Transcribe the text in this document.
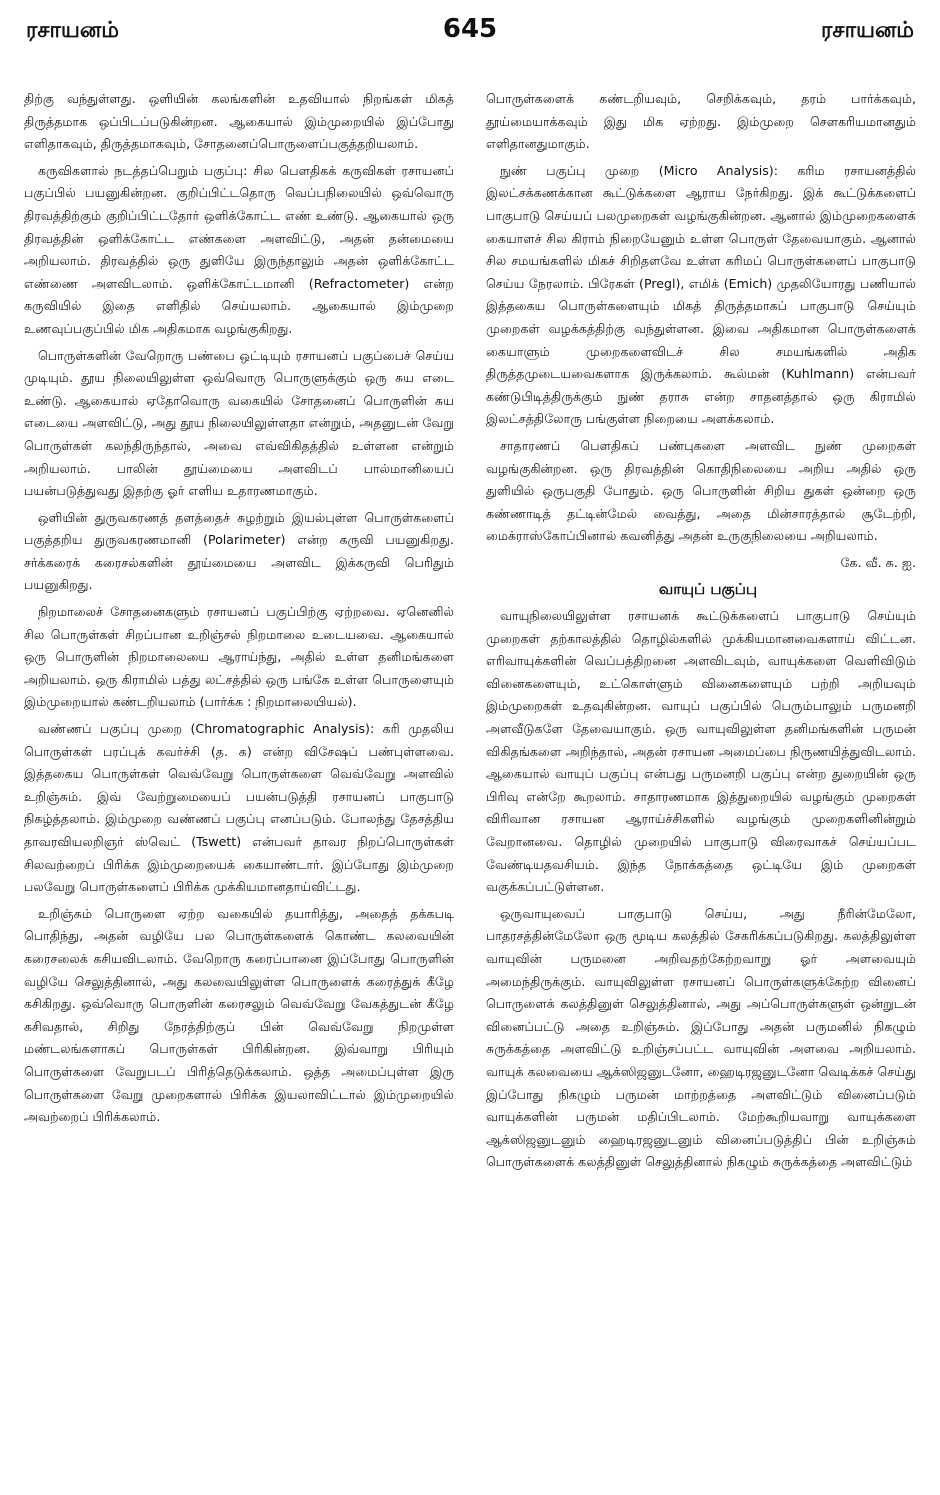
ரசாயனம்	645	ரசாயனம்

திற்கு வந்துள்ளது. ஒளியின் கலங்களின் உதவியால் நிறங்கள் மிகத் திருத்தமாக ஒப்பிடப்படுகின்றன. ஆகையால் இம்முறையில் இப்போது எளிதாகவும், திருத்தமாகவும், சோதனைப்பொருளைப்பகுத்தறியலாம்.

கருவிகளால் நடத்தப்பெறும் பகுப்பு: சில பௌதிகக் கருவிகள் ரசாயனப் பகுப்பில் பயனுகின்றன. குறிப்பிட்டதொரு வெப்பநிலையில் ஒவ்வொரு திரவத்திற்கும் குறிப்பிட்டதோர் ஒளிக்கோட்ட எண் உண்டு. ஆகையால் ஒரு திரவத்தின் ஒளிக்கோட்ட எண்களை அளவிட்டு, அதன் தன்மையை அறியலாம். திரவத்தில் ஒரு துளியே இருந்தாலும் அதன் ஒளிக்கோட்ட எண்ணை அளவிடலாம். ஒளிக்கோட்டமானி (Refractometer) என்ற கருவியில் இதை எளிதில் செய்யலாம். ஆகையால் இம்முறை உணவுப்பகுப்பில் மிக அதிகமாக வழங்குகிறது.

பொருள்களின் வேறொரு பண்பை ஒட்டியும் ரசாயனப் பகுப்பைச் செய்ய முடியும். தூய நிலையிலுள்ள ஒவ்வொரு பொருளுக்கும் ஒரு சுய எடை உண்டு. ஆகையால் ஏதோவொரு வகையில் சோதனைப் பொருளின் சுய எடையை அளவிட்டு, அது தூய நிலையிலுள்ளதா என்றும், அதனுடன் வேறு பொருள்கள் கலந்திருந்தால், அவை எவ்விகிதத்தில் உள்ளன என்றும் அறியலாம். பாலின் தூய்மையை அளவிடப் பால்மானியைப் பயன்படுத்துவது இதற்கு ஓர் எளிய உதாரணமாகும்.

ஒளியின் துருவகரணத் தளத்தைச் சுழற்றும் இயல்புள்ள பொருள்களைப் பகுத்தறிய துருவகரணமானி (Polarimeter) என்ற கருவி பயனுகிறது. சர்க்கரைக் கரைசல்களின் தூய்மையை அளவிட இக்கருவி பெரிதும் பயனுகிறது.

நிறமாலைச் சோதனைகளும் ரசாயனப் பகுப்பிற்கு ஏற்றவை. ஏனெனில் சில பொருள்கள் சிறப்பான உறிஞ்சல் நிறமாலை உடையவை. ஆகையால் ஒரு பொருளின் நிறமாலையை ஆராய்ந்து, அதில் உள்ள தனிமங்களை அறியலாம். ஒரு கிராமில் பத்து லட்சத்தில் ஒரு பங்கே உள்ள பொருளையும் இம்முறையால் கண்டறியலாம் (பார்க்க : நிறமாலையியல்).

வண்ணப் பகுப்பு முறை (Chromatographic Analysis): கரி முதலிய பொருள்கள் பரப்புக் கவர்ச்சி (த. க) என்ற விசேஷப் பண்புள்ளவை. இத்தகைய பொருள்கள் வெவ்வேறு பொருள்களை வெவ்வேறு அளவில் உறிஞ்சும். இவ் வேற்றுமையைப் பயன்படுத்தி ரசாயனப் பாகுபாடு நிகழ்த்தலாம். இம்முறை வண்ணப் பகுப்பு எனப்படும். போலந்து தேசத்திய தாவரவியலறிஞர் ஸ்வெட் (Tswett) என்பவர் தாவர நிறப்பொருள்கள் சிலவற்றைப் பிரிக்க இம்முறையைக் கையாண்டார். இப்போது இம்முறை பலவேறு பொருள்களைப் பிரிக்க முக்கியமானதாய்விட்டது.

உறிஞ்சும் பொருளை ஏற்ற வகையில் தயாரித்து, அதைத் தக்கபடி பொதிந்து, அதன் வழியே பல பொருள்களைக் கொண்ட கலவையின் கரைசலைக் கசியவிடலாம். வேறொரு கரைப்பானை இப்போது பொருளின் வழியே செலுத்தினால், அது கலவையிலுள்ள பொருளைக் கரைத்துக் கீழே கசிகிறது. ஒவ்வொரு பொருளின் கரைசலும் வெவ்வேறு வேகத்துடன் கீழே கசிவதால், சிறிது நேரத்திற்குப் பின் வெவ்வேறு நிறமுள்ள மண்டலங்களாகப் பொருள்கள் பிரிகின்றன. இவ்வாறு பிரியும் பொருள்களை வேறுபடப் பிரித்தெடுக்கலாம். ஒத்த அமைப்புள்ள இரு பொருள்களை வேறு முறைகளால் பிரிக்க இயலாவிட்டால் இம்முறையில் அவற்றைப் பிரிக்கலாம்.

பொருள்களைக் கண்டறியவும், செறிக்கவும், தரம் பார்க்கவும், தூய்மையாக்கவும் இது மிக ஏற்றது. இம்முறை சௌகரியமானதும் எளிதானதுமாகும்.

நுண் பகுப்பு முறை (Micro Analysis): கரிம ரசாயனத்தில் இலட்சக்கணக்கான கூட்டுக்களை ஆராய நேர்கிறது. இக் கூட்டுக்களைப் பாகுபாடு செய்யப் பலமுறைகள் வழங்குகின்றன. ஆனால் இம்முறைகளைக் கையாளச் சில கிராம் நிறையேனும் உள்ள பொருள் தேவையாகும். ஆனால் சில சமயங்களில் மிகச் சிறிதளவே உள்ள கரிமப் பொருள்களைப் பாகுபாடு செய்ய நேரலாம். பிரேகள் (Pregl), எமிக் (Emich) முதலியோரது பணியால் இத்தகைய பொருள்களையும் மிகத் திருத்தமாகப் பாகுபாடு செய்யும் முறைகள் வழக்கத்திற்கு வந்துள்ளன. இவை அதிகமான பொருள்களைக் கையாளும் முறைகளைவிடச் சில சமயங்களில் அதிக திருத்தமுடையவைகளாக இருக்கலாம். கூல்மன் (Kuhlmann) என்பவர் கண்டுபிடித்திருக்கும் நுண் தராசு என்ற சாதனத்தால் ஒரு கிராமில் இலட்சத்திலோரு பங்குள்ள நிறையை அளக்கலாம்.

சாதாரணப் பௌதிகப் பண்புகளை அளவிட நுண் முறைகள் வழங்குகின்றன. ஒரு திரவத்தின் கொதிநிலையை அறிய அதில் ஒரு துளியில் ஒருபகுதி போதும். ஒரு பொருளின் சிறிய துகள் ஒன்றை ஒரு கண்ணாடித் தட்டின்மேல் வைத்து, அதை மின்சாரத்தால் சூடேற்றி, மைக்ராஸ்கோப்பினால் கவனித்து அதன் உருகுநிலையை அறியலாம்.

கே. வீ. சு. ஐ.

வாயுப் பகுப்பு

வாயுநிலையிலுள்ள ரசாயனக் கூட்டுக்களைப் பாகுபாடு செய்யும் முறைகள் தற்காலத்தில் தொழில்களில் முக்கியமானவைகளாய் விட்டன. எரிவாயுக்களின் வெப்பத்திறனை அளவிடவும், வாயுக்களை வெளிவிடும் வினைகளையும், உட்கொள்ளும் வினைகளையும் பற்றி அறியவும் இம்முறைகள் உதவுகின்றன. வாயுப் பகுப்பில் பெரும்பாலும் பருமனறி அளவீடுகளே தேவையாகும். ஒரு வாயுவிலுள்ள தனிமங்களின் பருமன் விகிதங்களை அறிந்தால், அதன் ரசாயன அமைப்பை நிருணயித்துவிடலாம். ஆகையால் வாயுப் பகுப்பு என்பது பருமனறி பகுப்பு என்ற துறையின் ஒரு பிரிவு என்றே கூறலாம். சாதாரணமாக இத்துறையில் வழங்கும் முறைகள் விரிவான ரசாயன ஆராய்ச்சிகளில் வழங்கும் முறைகளினின்றும் வேறானவை. தொழில் முறையில் பாகுபாடு விரைவாகச் செய்யப்பட வேண்டியதவசியம். இந்த நோக்கத்தை ஒட்டியே இம் முறைகள் வகுக்கப்பட்டுள்ளன.

ஒருவாயுவைப் பாகுபாடு செய்ய, அது நீரின்மேலோ, பாதரசத்தின்மேலோ ஒரு மூடிய கலத்தில் சேகரிக்கப்படுகிறது. கலத்திலுள்ள வாயுவின் பருமனை அறிவதற்கேற்றவாறு ஓர் அளவையும் அமைந்திருக்கும். வாயுவிலுள்ள ரசாயனப் பொருள்களுக்கேற்ற வினைப் பொருளைக் கலத்தினுள் செலுத்தினால், அது அப்பொருள்களுள் ஒன்றுடன் வினைப்பட்டு அதை உறிஞ்சும். இப்போது அதன் பருமனில் நிகழும் சுருக்கத்தை அளவிட்டு உறிஞ்சப்பட்ட வாயுவின் அளவை அறியலாம். வாயுக் கலவையை ஆக்ஸிஜனுடனோ, ஹைடிரஜனுடனோ வெடிக்கச் செய்து இப்போது நிகழும் பருமன் மாற்றத்தை அளவிட்டும் வினைப்படும் வாயுக்களின் பருமன் மதிப்பிடலாம். மேற்கூறியவாறு வாயுக்களை ஆக்ஸிஜனுடனும் ஹைடிரஜனுடனும் வினைப்படுத்திப் பின் உறிஞ்சும் பொருள்களைக் கலத்தினுள் செலுத்தினால் நிகழும் சுருக்கத்தை அளவிட்டும்
